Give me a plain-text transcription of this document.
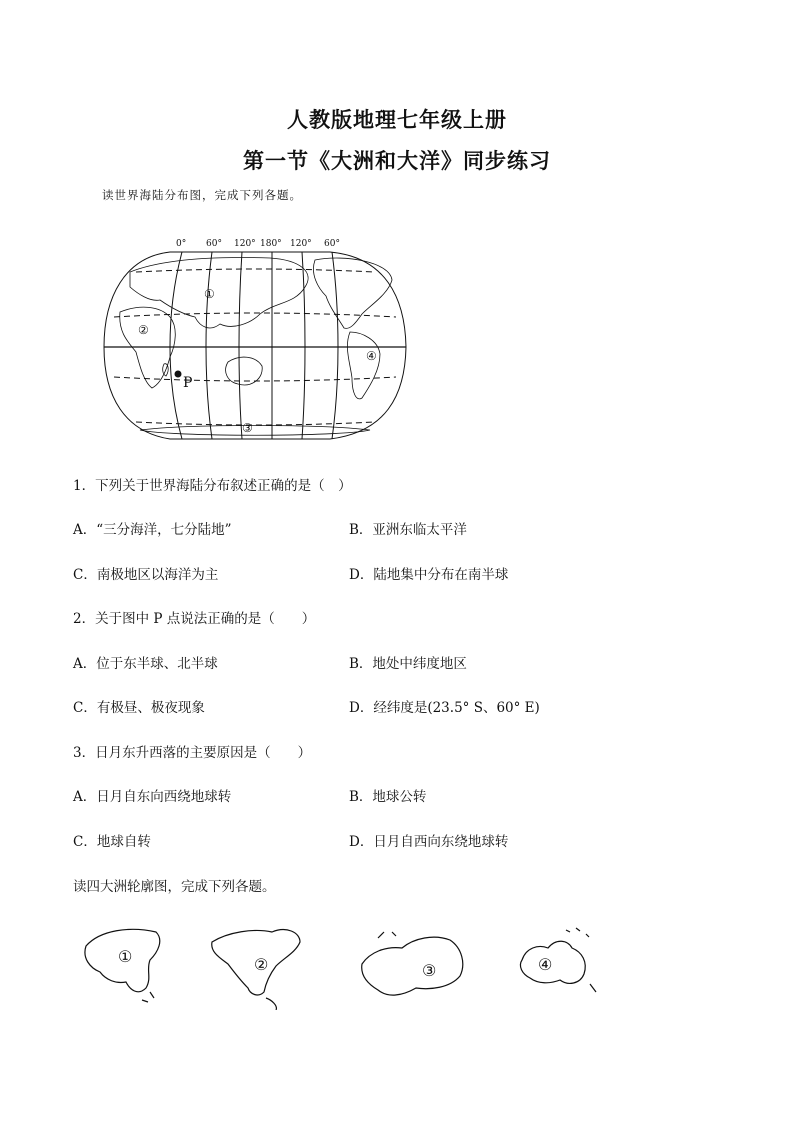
人教版地理七年级上册
第一节《大洲和大洋》同步练习
读世界海陆分布图，完成下列各题。
0° 60° 120° 180° 120° 60°
①
②
③
④
P
1．下列关于世界海陆分布叙述正确的是（　）
A．“三分海洋，七分陆地”	B．亚洲东临太平洋
C．南极地区以海洋为主	D．陆地集中分布在南半球
2．关于图中 P 点说法正确的是（　　）
A．位于东半球、北半球	B．地处中纬度地区
C．有极昼、极夜现象	D．经纬度是(23.5° S、60° E)
3．日月东升西落的主要原因是（　　）
A．日月自东向西绕地球转	B．地球公转
C．地球自转	D．日月自西向东绕地球转
读四大洲轮廓图，完成下列各题。
①	②	③	④
